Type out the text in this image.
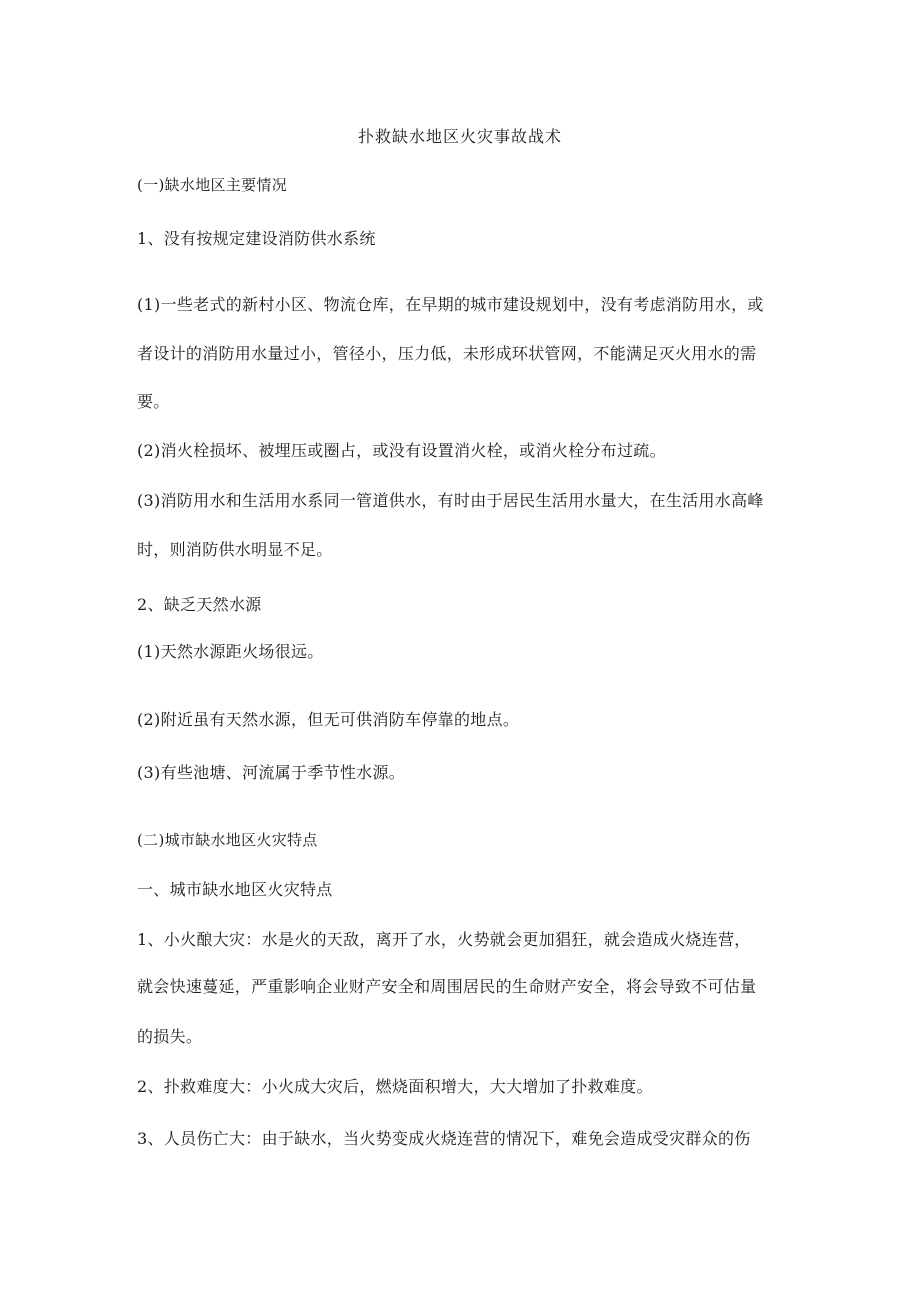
扑救缺水地区火灾事故战术
(一)缺水地区主要情况
1、没有按规定建设消防供水系统
(1)一些老式的新村小区、物流仓库，在早期的城市建设规划中，没有考虑消防用水，或
者设计的消防用水量过小，管径小，压力低，未形成环状管网，不能满足灭火用水的需
要。
(2)消火栓损坏、被埋压或圈占，或没有设置消火栓，或消火栓分布过疏。
(3)消防用水和生活用水系同一管道供水，有时由于居民生活用水量大，在生活用水高峰
时，则消防供水明显不足。
2、缺乏天然水源
(1)天然水源距火场很远。
(2)附近虽有天然水源，但无可供消防车停靠的地点。
(3)有些池塘、河流属于季节性水源。
(二)城市缺水地区火灾特点
一、城市缺水地区火灾特点
1、小火酿大灾：水是火的天敌，离开了水，火势就会更加猖狂，就会造成火烧连营，
就会快速蔓延，严重影响企业财产安全和周围居民的生命财产安全，将会导致不可估量
的损失。
2、扑救难度大：小火成大灾后，燃烧面积增大，大大增加了扑救难度。
3、人员伤亡大：由于缺水，当火势变成火烧连营的情况下，难免会造成受灾群众的伤
